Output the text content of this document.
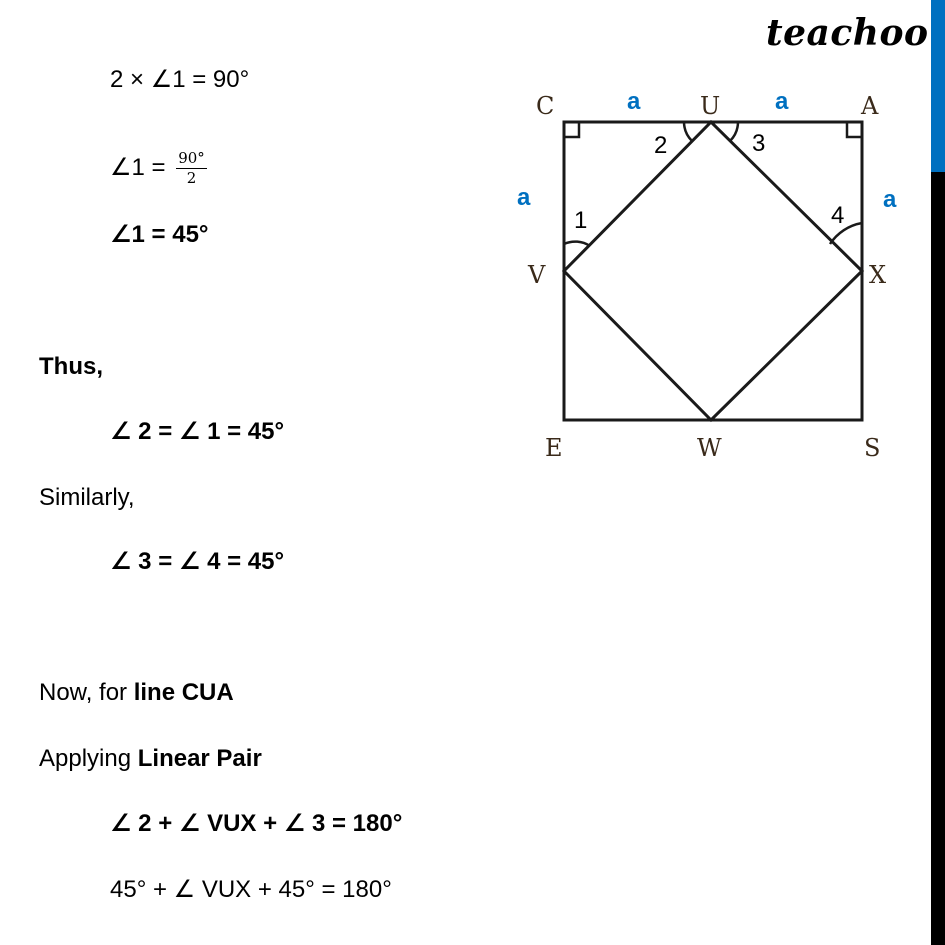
2 × ∠1 = 90°
∠1 = $\frac{90^\circ}{2}$
∠1 = 45°
Thus,
∠ 2 = ∠ 1 = 45°
Similarly,
∠ 3 = ∠ 4 = 45°
Now, for line CUA
Applying Linear Pair
∠ 2 + ∠ VUX + ∠ 3 = 180°
45° + ∠ VUX + 45° = 180°
teachoo
C	U	A
V	X
E	W	S
a	a
a	a
1
2	3
4
